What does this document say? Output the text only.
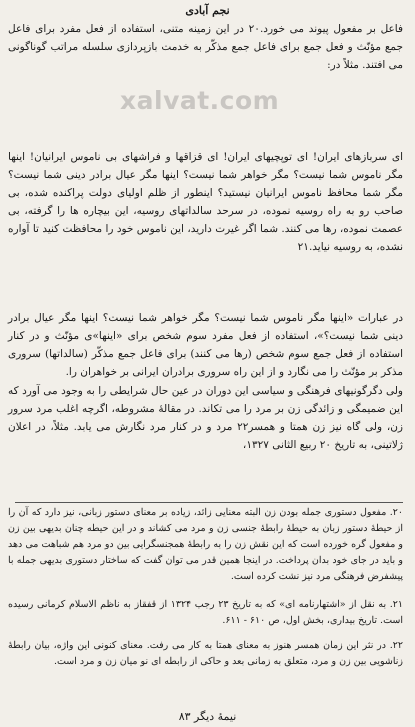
نجم آبادی
فاعل بر مفعول پیوند می خورد.۲۰ در این زمینه متنی، استفاده از فعل مفرد برای فاعل جمع مؤنّث و فعل جمع برای فاعل جمع مذکّر به خدمت بازپردازی سلسله مراتب گوناگونی می افتند. مثلاً در:
ای سربازهای ایران! ای توپچیهای ایران! ای قزاقها و فراشهای بی ناموس ایرانیان! اینها مگر ناموس شما نیست؟ مگر خواهر شما نیست؟ اینها مگر عیال برادر دینی شما نیست؟ مگر شما محافظ ناموس ایرانیان نیستید؟ اینطور از ظلم اولیای دولت پراکنده شده، بی صاحب رو به راه روسیه نموده، در سرحد سالداتهای روسیه، این بیچاره ها را گرفته، بی عصمت نموده، رها می کنند. شما اگر غیرت دارید، این ناموس خود را محافظت کنید تا آواره نشده، به روسیه نیاید.۲۱
در عبارات «اینها مگر ناموس شما نیست؟ مگر خواهر شما نیست؟ اینها مگر عیال برادر دینی شما نیست؟»، استفاده از فعل مفرد سوم شخص برای «اینها»ی مؤنّث و در کنار استفاده از فعل جمع سوم شخص (رها می کنند) برای فاعل جمع مذکّر (سالداتها) سروری مذکر بر مؤنّث را می نگارد و از این راه سروری برادران ایرانی بر خواهران را.
ولی دگرگونیهای فرهنگی و سیاسی این دوران در عین حال شرایطی را به وجود می آورد که این ضمیمگی و زائدگی زن بر مرد را می تکاند. در مقالهٔ مشروطه، اگرچه اغلب مرد سرور زن، ولی گاه نیز زن همتا و همسر۲۲ مرد و در کنار مرد نگارش می یابد. مثلاً، در اعلان ژلاتینی، به تاریخ ۲۰ ربیع الثانی ۱۳۲۷،
xalvat.com
۲۰. مفعول دستوری جمله بودن زن البته معنایی زائد، زیاده بر معنای دستور زبانی، نیز دارد که آن را از حیطهٔ دستور زبان به حیطهٔ رابطهٔ جنسی زن و مرد می کشاند و در این حیطه چنان بدیهی بین زن و مفعول گره خورده است که این نقش زن را به رابطهٔ همجنسگرایی بین دو مرد هم شباهت می دهد و باید در جای خود بدان پرداخت. در اینجا همین قدر می توان گفت که ساختار دستوری بدیهی جمله با پیشفرض فرهنگی مرد نیز نشت کرده است.
۲۱. به نقل از «اشتهارنامه ای» که به تاریخ ۲۳ رجب ۱۳۲۴ از قفقاز به ناظم الاسلام کرمانی رسیده است. تاریخ بیداری، بخش اول، ص ۶۱۰ - ۶۱۱.
۲۲. در نثر این زمان همسر هنوز به معنای همتا به کار می رفت. معنای کنونی این واژه، بیان رابطهٔ زناشویی بین زن و مرد، متعلق به زمانی بعد و حاکی از رابطه ای نو میان زن و مرد است.
نیمهٔ دیگر ۸۳
